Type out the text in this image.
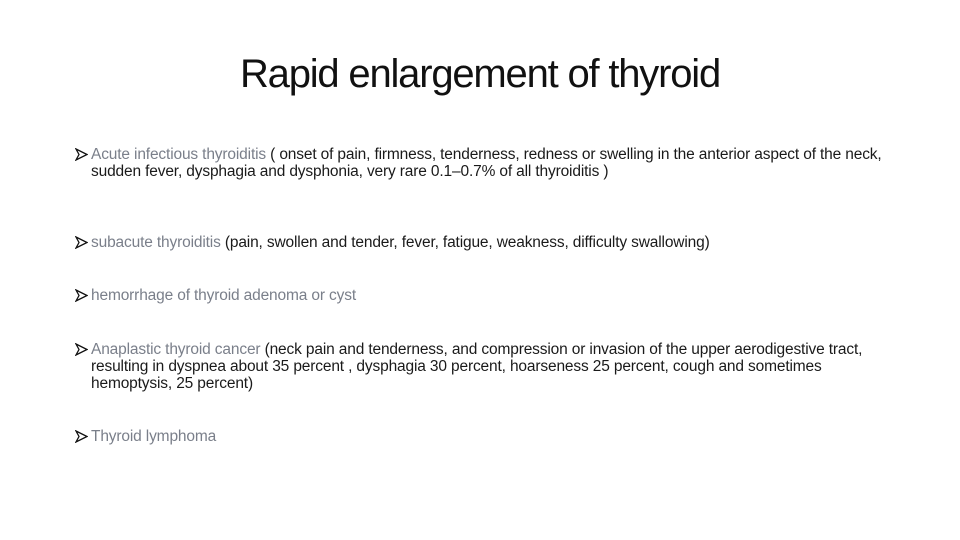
Rapid enlargement of thyroid
Acute infectious thyroiditis ( onset of pain, firmness, tenderness, redness or swelling in the anterior aspect of the neck, sudden fever, dysphagia and dysphonia, very rare 0.1–0.7% of all thyroiditis )
subacute thyroiditis (pain, swollen and tender, fever, fatigue, weakness, difficulty swallowing)
hemorrhage of thyroid adenoma or cyst
Anaplastic thyroid cancer (neck pain and tenderness, and compression or invasion of the upper aerodigestive tract, resulting in dyspnea about 35 percent , dysphagia 30 percent, hoarseness 25 percent, cough and sometimes hemoptysis, 25 percent)
Thyroid lymphoma
